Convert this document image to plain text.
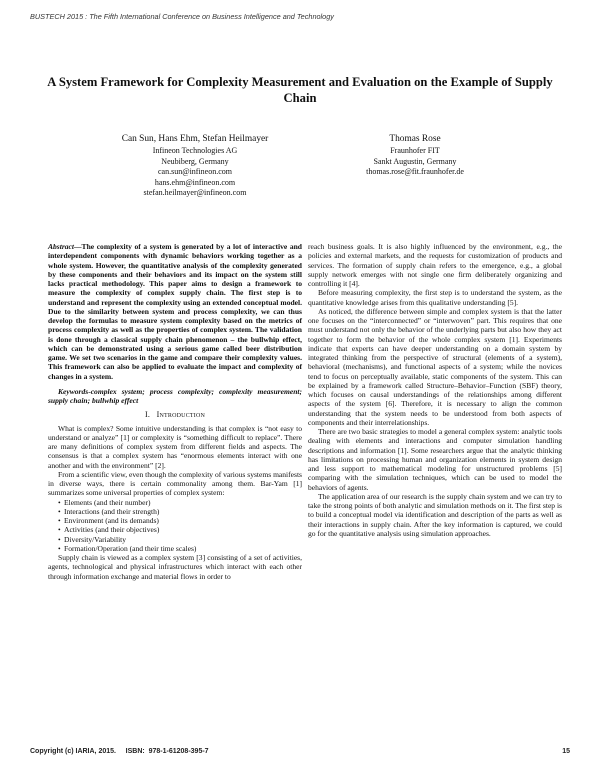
BUSTECH 2015 : The Fifth International Conference on Business Intelligence and Technology
A System Framework for Complexity Measurement and Evaluation on the Example of Supply Chain
Can Sun, Hans Ehm, Stefan Heilmayer
Infineon Technologies AG
Neubiberg, Germany
can.sun@infineon.com
hans.ehm@infineon.com
stefan.heilmayer@infineon.com
Thomas Rose
Fraunhofer FIT
Sankt Augustin, Germany
thomas.rose@fit.fraunhofer.de

Abstract—The complexity of a system is generated by a lot of interactive and interdependent components with dynamic behaviors working together as a whole system. However, the quantitative analysis of the complexity generated by these components and their behaviors and its impact on the system still lacks practical methodology. This paper aims to design a framework to measure the complexity of complex supply chain. The first step is to understand and represent the complexity using an extended conceptual model. Due to the similarity between system and process complexity, we can thus develop the formulas to measure system complexity based on the metrics of process complexity as well as the properties of complex system. The validation is done through a classical supply chain phenomenon – the bullwhip effect, which can be demonstrated using a serious game called beer distribution game. We set two scenarios in the game and compare their complexity values. This framework can also be applied to evaluate the impact and complexity of changes in a system.

Keywords-complex system; process complexity; complexity measurement; supply chain; bullwhip effect

I. Introduction

What is complex? Some intuitive understanding is that complex is “not easy to understand or analyze” [1] or complexity is “something difficult to replace”. There are many definitions of complex system from different fields and aspects. The consensus is that a complex system has “enormous elements interact with one another and with the environment” [2].

From a scientific view, even though the complexity of various systems manifests in diverse ways, there is certain commonality among them. Bar-Yam [1] summarizes some universal properties of complex system:

• Elements (and their number)
• Interactions (and their strength)
• Environment (and its demands)
• Activities (and their objectives)
• Diversity/Variability
• Formation/Operation (and their time scales)

Supply chain is viewed as a complex system [3] consisting of a set of activities, agents, technological and physical infrastructures which interact with each other through information exchange and material flows in order to

reach business goals. It is also highly influenced by the environment, e.g., the policies and external markets, and the requests for customization of products and services. The formation of supply chain refers to the emergence, e.g., a global supply network emerges with not single one firm deliberately organizing and controlling it [4].

Before measuring complexity, the first step is to understand the system, as the quantitative knowledge arises from this qualitative understanding [5].

As noticed, the difference between simple and complex system is that the latter one focuses on the “interconnected” or “interwoven” part. This requires that one must understand not only the behavior of the underlying parts but also how they act together to form the behavior of the whole complex system [1]. Experiments indicate that experts can have deeper understanding on a domain system by integrated thinking from the perspective of structural (elements of a system), behavioral (mechanisms), and functional aspects of a system; while the novices tend to focus on perceptually available, static components of the system. This can be explained by a framework called Structure–Behavior–Function (SBF) theory, which focuses on causal understandings of the relationships among different aspects of the system [6]. Therefore, it is necessary to align the common understanding that the system needs to be understood from both aspects of components and their interrelationships.

There are two basic strategies to model a general complex system: analytic tools dealing with elements and interactions and computer simulation handling descriptions and information [1]. Some researchers argue that the analytic thinking has limitations on processing human and organization elements in system design and less support to mathematical modeling for unstructured problems [5] comparing with the simulation techniques, which can be used to model the behaviors of agents.

The application area of our research is the supply chain system and we can try to take the strong points of both analytic and simulation methods on it. The first step is to build a conceptual model via identification and description of the parts as well as their interactions in supply chain. After the key information is captured, we could go for the quantitative analysis using simulation approaches.

Copyright (c) IARIA, 2015.     ISBN:  978-1-61208-395-7	15
